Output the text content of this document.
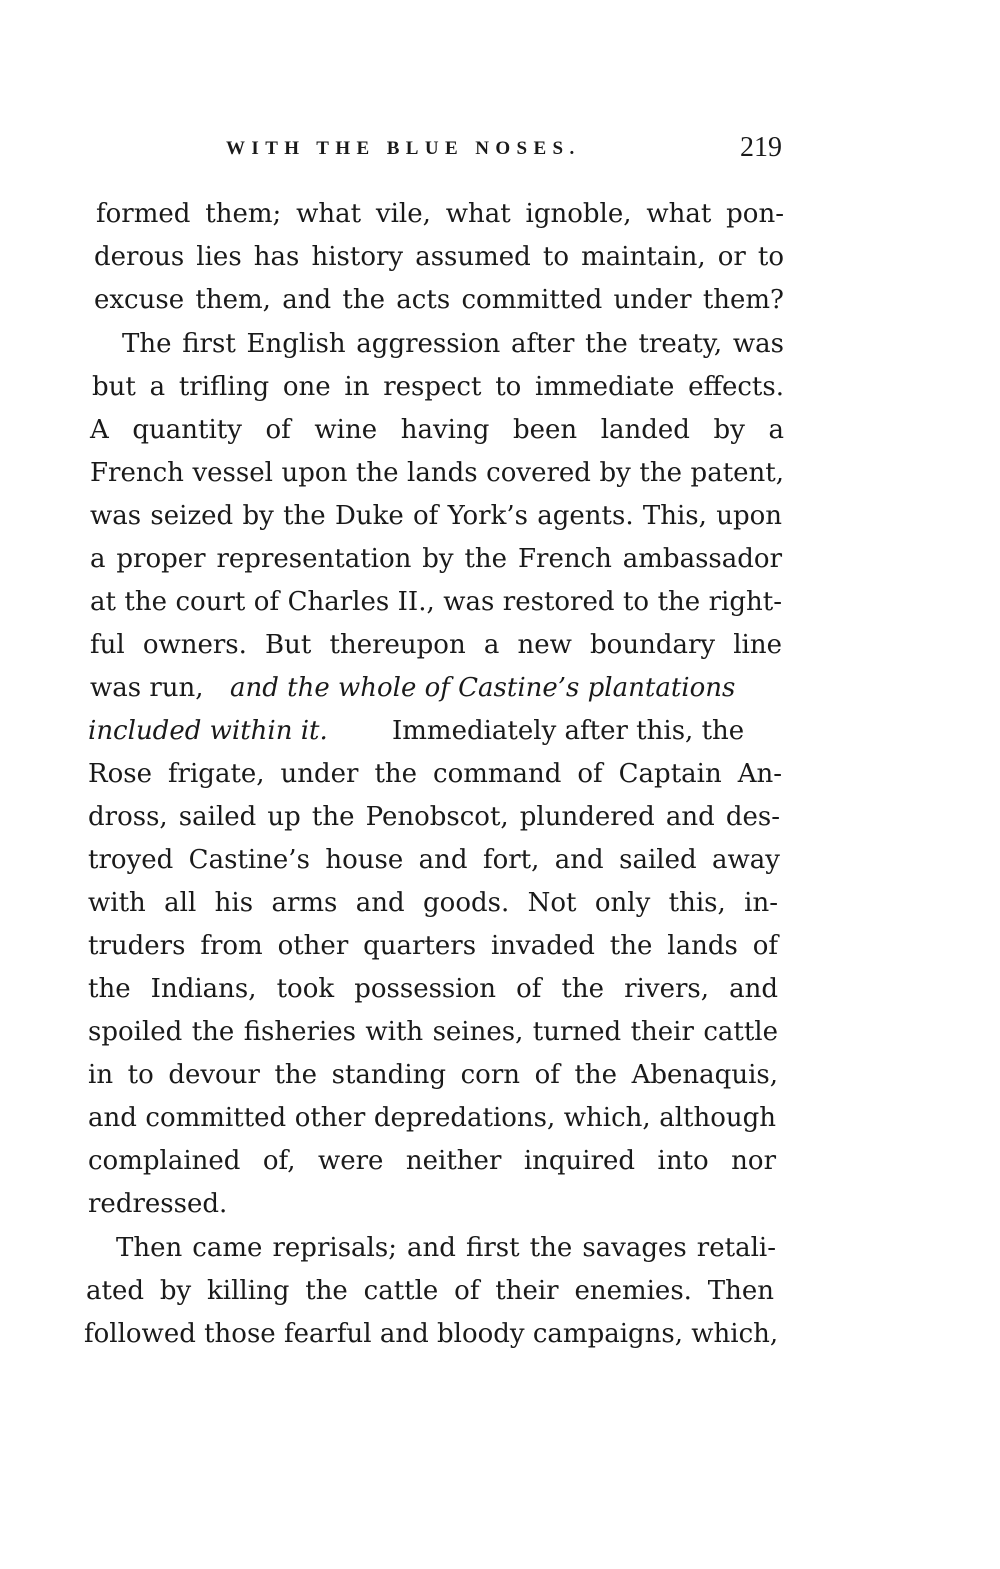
WITH THE BLUE NOSES.	219
formed them; what vile, what ignoble, what pon-
derous lies has history assumed to maintain, or to
excuse them, and the acts committed under them?
The first English aggression after the treaty, was
but a trifling one in respect to immediate effects.
A quantity of wine having been landed by a
French vessel upon the lands covered by the patent,
was seized by the Duke of York’s agents. This, upon
a proper representation by the French ambassador
at the court of Charles II., was restored to the right-
ful owners. But thereupon a new boundary line
was run, and the whole of Castine’s plantations
included within it. Immediately after this, the
Rose frigate, under the command of Captain An-
dross, sailed up the Penobscot, plundered and des-
troyed Castine’s house and fort, and sailed away
with all his arms and goods. Not only this, in-
truders from other quarters invaded the lands of
the Indians, took possession of the rivers, and
spoiled the fisheries with seines, turned their cattle
in to devour the standing corn of the Abenaquis,
and committed other depredations, which, although
complained of, were neither inquired into nor
redressed.
Then came reprisals; and first the savages retali-
ated by killing the cattle of their enemies. Then
followed those fearful and bloody campaigns, which,
